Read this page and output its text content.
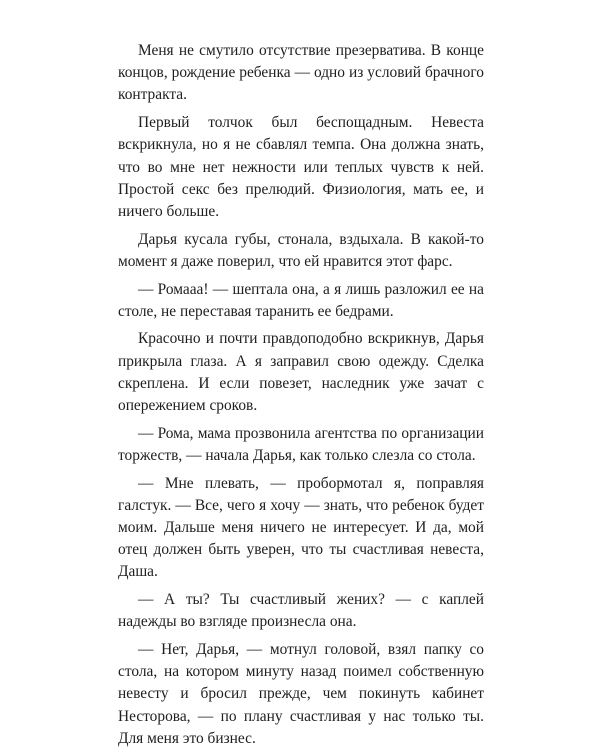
Меня не смутило отсутствие презерватива. В конце концов, рождение ребенка — одно из условий брачного контракта.

Первый толчок был беспощадным. Невеста вскрикнула, но я не сбавлял темпа. Она должна знать, что во мне нет нежности или теплых чувств к ней. Простой секс без прелюдий. Физиология, мать ее, и ничего больше.

Дарья кусала губы, стонала, вздыхала. В какой-то момент я даже поверил, что ей нравится этот фарс.

— Ромааа! — шептала она, а я лишь разложил ее на столе, не переставая таранить ее бедрами.

Красочно и почти правдоподобно вскрикнув, Дарья прикрыла глаза. А я заправил свою одежду. Сделка скреплена. И если повезет, наследник уже зачат с опережением сроков.

— Рома, мама прозвонила агентства по организации торжеств, — начала Дарья, как только слезла со стола.

— Мне плевать, — пробормотал я, поправляя галстук. — Все, чего я хочу — знать, что ребенок будет моим. Дальше меня ничего не интересует. И да, мой отец должен быть уверен, что ты счастливая невеста, Даша.

— А ты? Ты счастливый жених? — с каплей надежды во взгляде произнесла она.

— Нет, Дарья, — мотнул головой, взял папку со стола, на котором минуту назад поимел собственную невесту и бросил прежде, чем покинуть кабинет Несторова, — по плану счастливая у нас только ты. Для меня это бизнес.
